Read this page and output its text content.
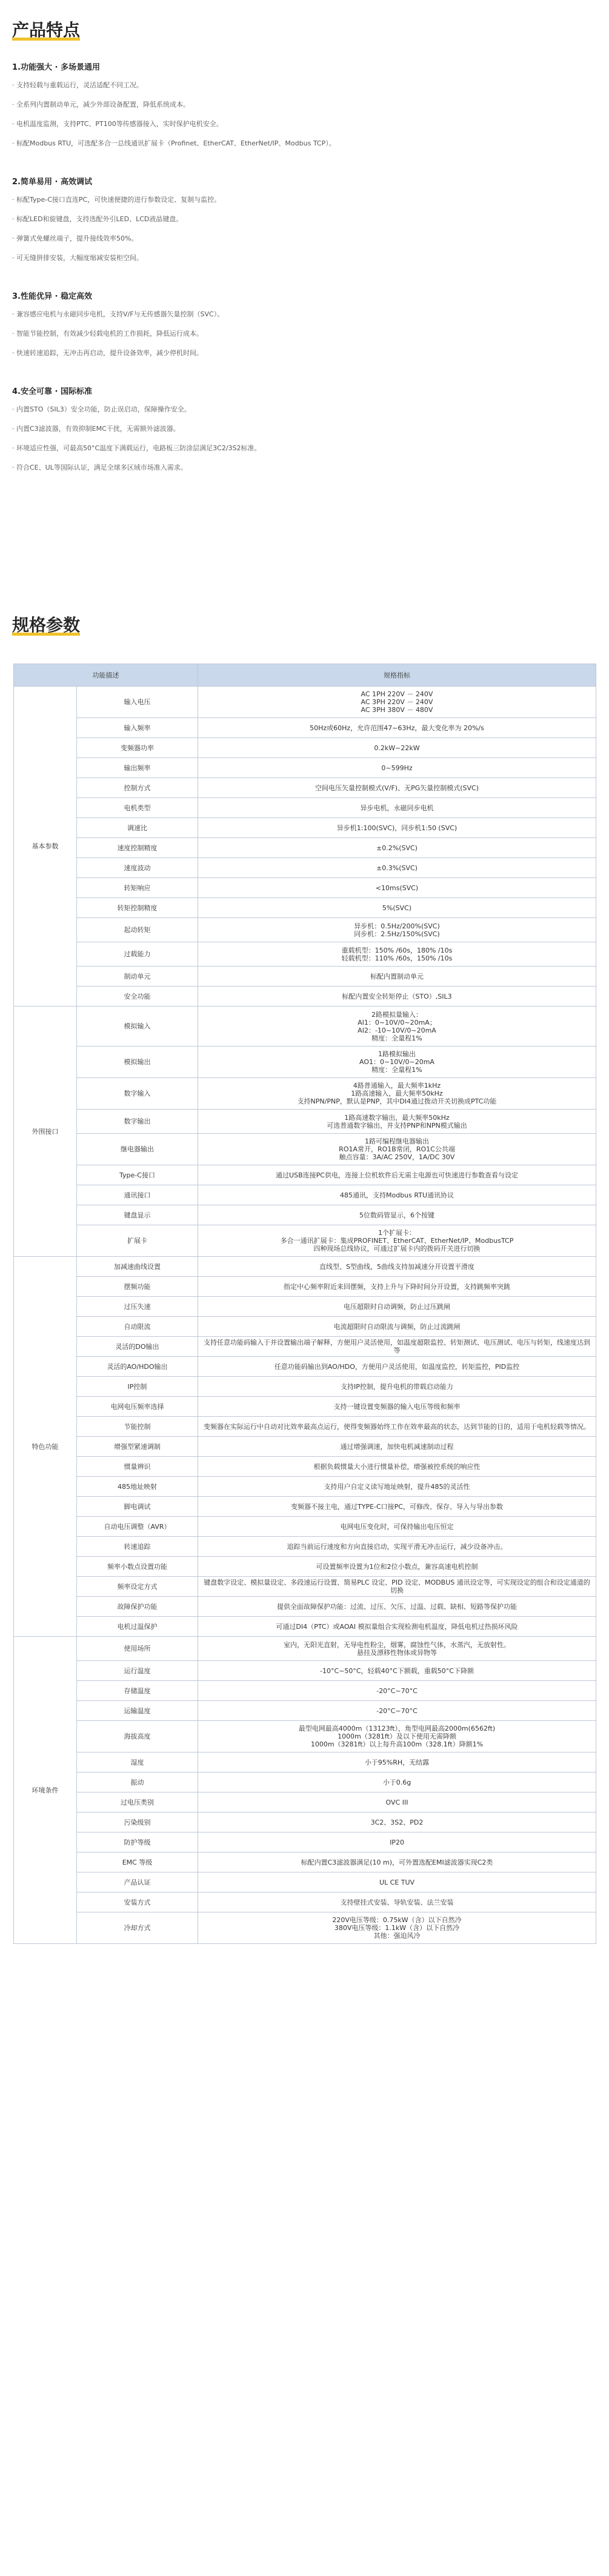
产品特点
1.功能强大 · 多场景通用
· 支持轻载与重载运行，灵活适配不同工况。
· 全系列内置制动单元，减少外部设备配置，降低系统成本。
· 电机温度监测，支持PTC、PT100等传感器接入，实时保护电机安全。
· 标配Modbus RTU，可选配多合一总线通讯扩展卡（Profinet、EtherCAT、EtherNet/IP、Modbus TCP）。
2.简单易用 · 高效调试
· 标配Type-C接口直连PC，可快速便捷的进行参数设定、复制与监控。
· 标配LED和旋键盘，支持选配外引LED、LCD液晶键盘。
· 弹簧式免螺丝端子，提升接线效率50%。
· 可无缝拼排安装，大幅度缩减安装柜空间。
3.性能优异 · 稳定高效
· 兼容感应电机与永磁同步电机，支持V/F与无传感器矢量控制（SVC）。
· 智能节能控制，有效减少轻载电机的工作损耗，降低运行成本。
· 快速转速追踪，无冲击再启动，提升设备效率，减少停机时间。
4.安全可靠 · 国际标准
· 内置STO（SIL3）安全功能，防止误启动，保障操作安全。
· 内置C3滤波器，有效抑制EMC干扰，无需额外滤波器。
· 环境适应性强，可最高50°C温度下满载运行，电路板三防涂层满足3C2/3S2标准。
· 符合CE、UL等国际认证，满足全球多区域市场准入需求。
规格参数
功能描述		规格指标
基本参数	输入电压	AC 1PH 220V － 240V
AC 3PH 220V － 240V
AC 3PH 380V － 480V
	输入频率	50Hz或60Hz，允许范围47~63Hz，最大变化率为 20%/s
	变频器功率	0.2kW~22kW
	输出频率	0~599Hz
	控制方式	空间电压矢量控制模式(V/F)、无PG矢量控制模式(SVC)
	电机类型	异步电机，永磁同步电机
	调速比	异步机1:100(SVC)，同步机1:50 (SVC)
	速度控制精度	±0.2%(SVC)
	速度波动	±0.3%(SVC)
	转矩响应	<10ms(SVC)
	转矩控制精度	5%(SVC)
	起动转矩	异步机：0.5Hz/200%(SVC)
同步机：2.5Hz/150%(SVC)
	过载能力	重载机型：150% /60s，180% /10s
轻载机型：110% /60s，150% /10s
	制动单元	标配内置制动单元
	安全功能	标配内置安全转矩停止（STO）,SIL3
外围接口	模拟输入	2路模拟量输入：
AI1：0~10V/0~20mA；
AI2：-10~10V/0~20mA
精度：全量程1%
	模拟输出	1路模拟输出
AO1：0~10V/0~20mA
精度：全量程1%
	数字输入	4路普通输入，最大频率1kHz
1路高速输入，最大频率50kHz
支持NPN/PNP，默认是PNP，其中DI4通过拨动开关切换成PTC功能
	数字输出	1路高速数字输出，最大频率50kHz
可选普通数字输出，并支持PNP和NPN模式输出
	继电器输出	1路可编程继电器输出
RO1A常开，RO1B常闭，RO1C公共端
触点容量：3A/AC 250V，1A/DC 30V
	Type-C接口	通过USB连接PC供电，连接上位机软件后无需主电源也可快速进行参数查看与设定
	通讯接口	485通讯，支持Modbus RTU通讯协议
	键盘显示	5位数码管显示，6个按键
	扩展卡	1个扩展卡：
多合一通讯扩展卡：集成PROFINET、EtherCAT、EtherNet/IP、ModbusTCP
四种现场总线协议，可通过扩展卡内的拨码开关进行切换
特色功能	加减速曲线设置	直线型、S型曲线，5曲线支持加减速分开设置平滑度
	摆频功能	指定中心频率附近来回摆频，支持上升与下降时间分开设置，支持跳频率突跳
	过压失速	电压超限时自动调频，防止过压跳闸
	自动限流	电流超限时自动限流与调频，防止过流跳闸
	灵活的DO输出	支持任意功能码输入于并设置输出端子解释，方便用户灵活使用，如温度超限监控、转矩测试、电压测试、电压与转矩，线速度达到等
	灵活的AO/HDO输出	任意功能码输出到AO/HDO，方便用户灵活使用，如温度监控，转矩监控，PID监控
	IP控制	支持IP控制，提升电机的带载启动能力
	电网电压频率选择	支持一键设置变频器的输入电压等级和频率
	节能控制	变频器在实际运行中自动对比效率最高点运行，使得变频器始终工作在效率最高的状态，达到节能的目的，适用于电机轻载等情况。
	增强型紧速调制	通过增强调速，加快电机减速制动过程
	惯量辨识	根据负载惯量大小进行惯量补偿，增强被控系统的响应性
	485地址映射	支持用户自定义读写地址映射，提升485的灵活性
	脚电调试	变频器不接主电，通过TYPE-C口接PC，可修改、保存、导入与导出参数
	自动电压调整（AVR）	电网电压变化时，可保持输出电压恒定
	转速追踪	追踪当前运行速度和方向直接启动，实现平滑无冲击运行，减少设备冲击。
	频率小数点设置功能	可设置频率设置为1位和2位小数点，兼容高速电机控制
	频率设定方式	键盘数字设定、模拟量设定、多段速运行设置、简易PLC 设定、PID 设定、MODBUS 通讯设定等，可实现设定的组合和设定通道的切换
	故障保护功能	提供全面故障保护功能：过流、过压、欠压、过温、过载、缺相、短路等保护功能
	电机过温保护	可通过DI4（PTC）或AOAI 模拟量组合实现检测电机温度，降低电机过热损坏风险
环境条件	使用场所	室内，无阳光直射，无导电性粉尘，烟雾，腐蚀性气体，水蒸汽，无放射性。
悬挂及漂移性物体或异物等
	运行温度	-10°C~50°C，轻载40°C下额载，重载50°C下降额
	存储温度	-20°C~70°C
	运输温度	-20°C~70°C
	海拔高度	最型电网最高4000m（13123ft），角型电网最高2000m(6562ft)
1000m（3281ft）及以下使用无需降额
1000m（3281ft）以上每升高100m（328.1ft）降额1%
	湿度	小于95%RH，无结露
	振动	小于0.6g
	过电压类别	OVC III
	污染级别	3C2、3S2、PD2
	防护等级	IP20
	EMC 等级	标配内置C3滤波器满足(10 m)，可外置选配EMI滤波器实现C2类
	产品认证	UL CE TUV
	安装方式	支持壁挂式安装、导轨安装、法兰安装
	冷却方式	220V电压等级：0.75kW（含）以下自然冷
380V电压等级：1.1kW（含）以下自然冷
其他：强迫风冷
